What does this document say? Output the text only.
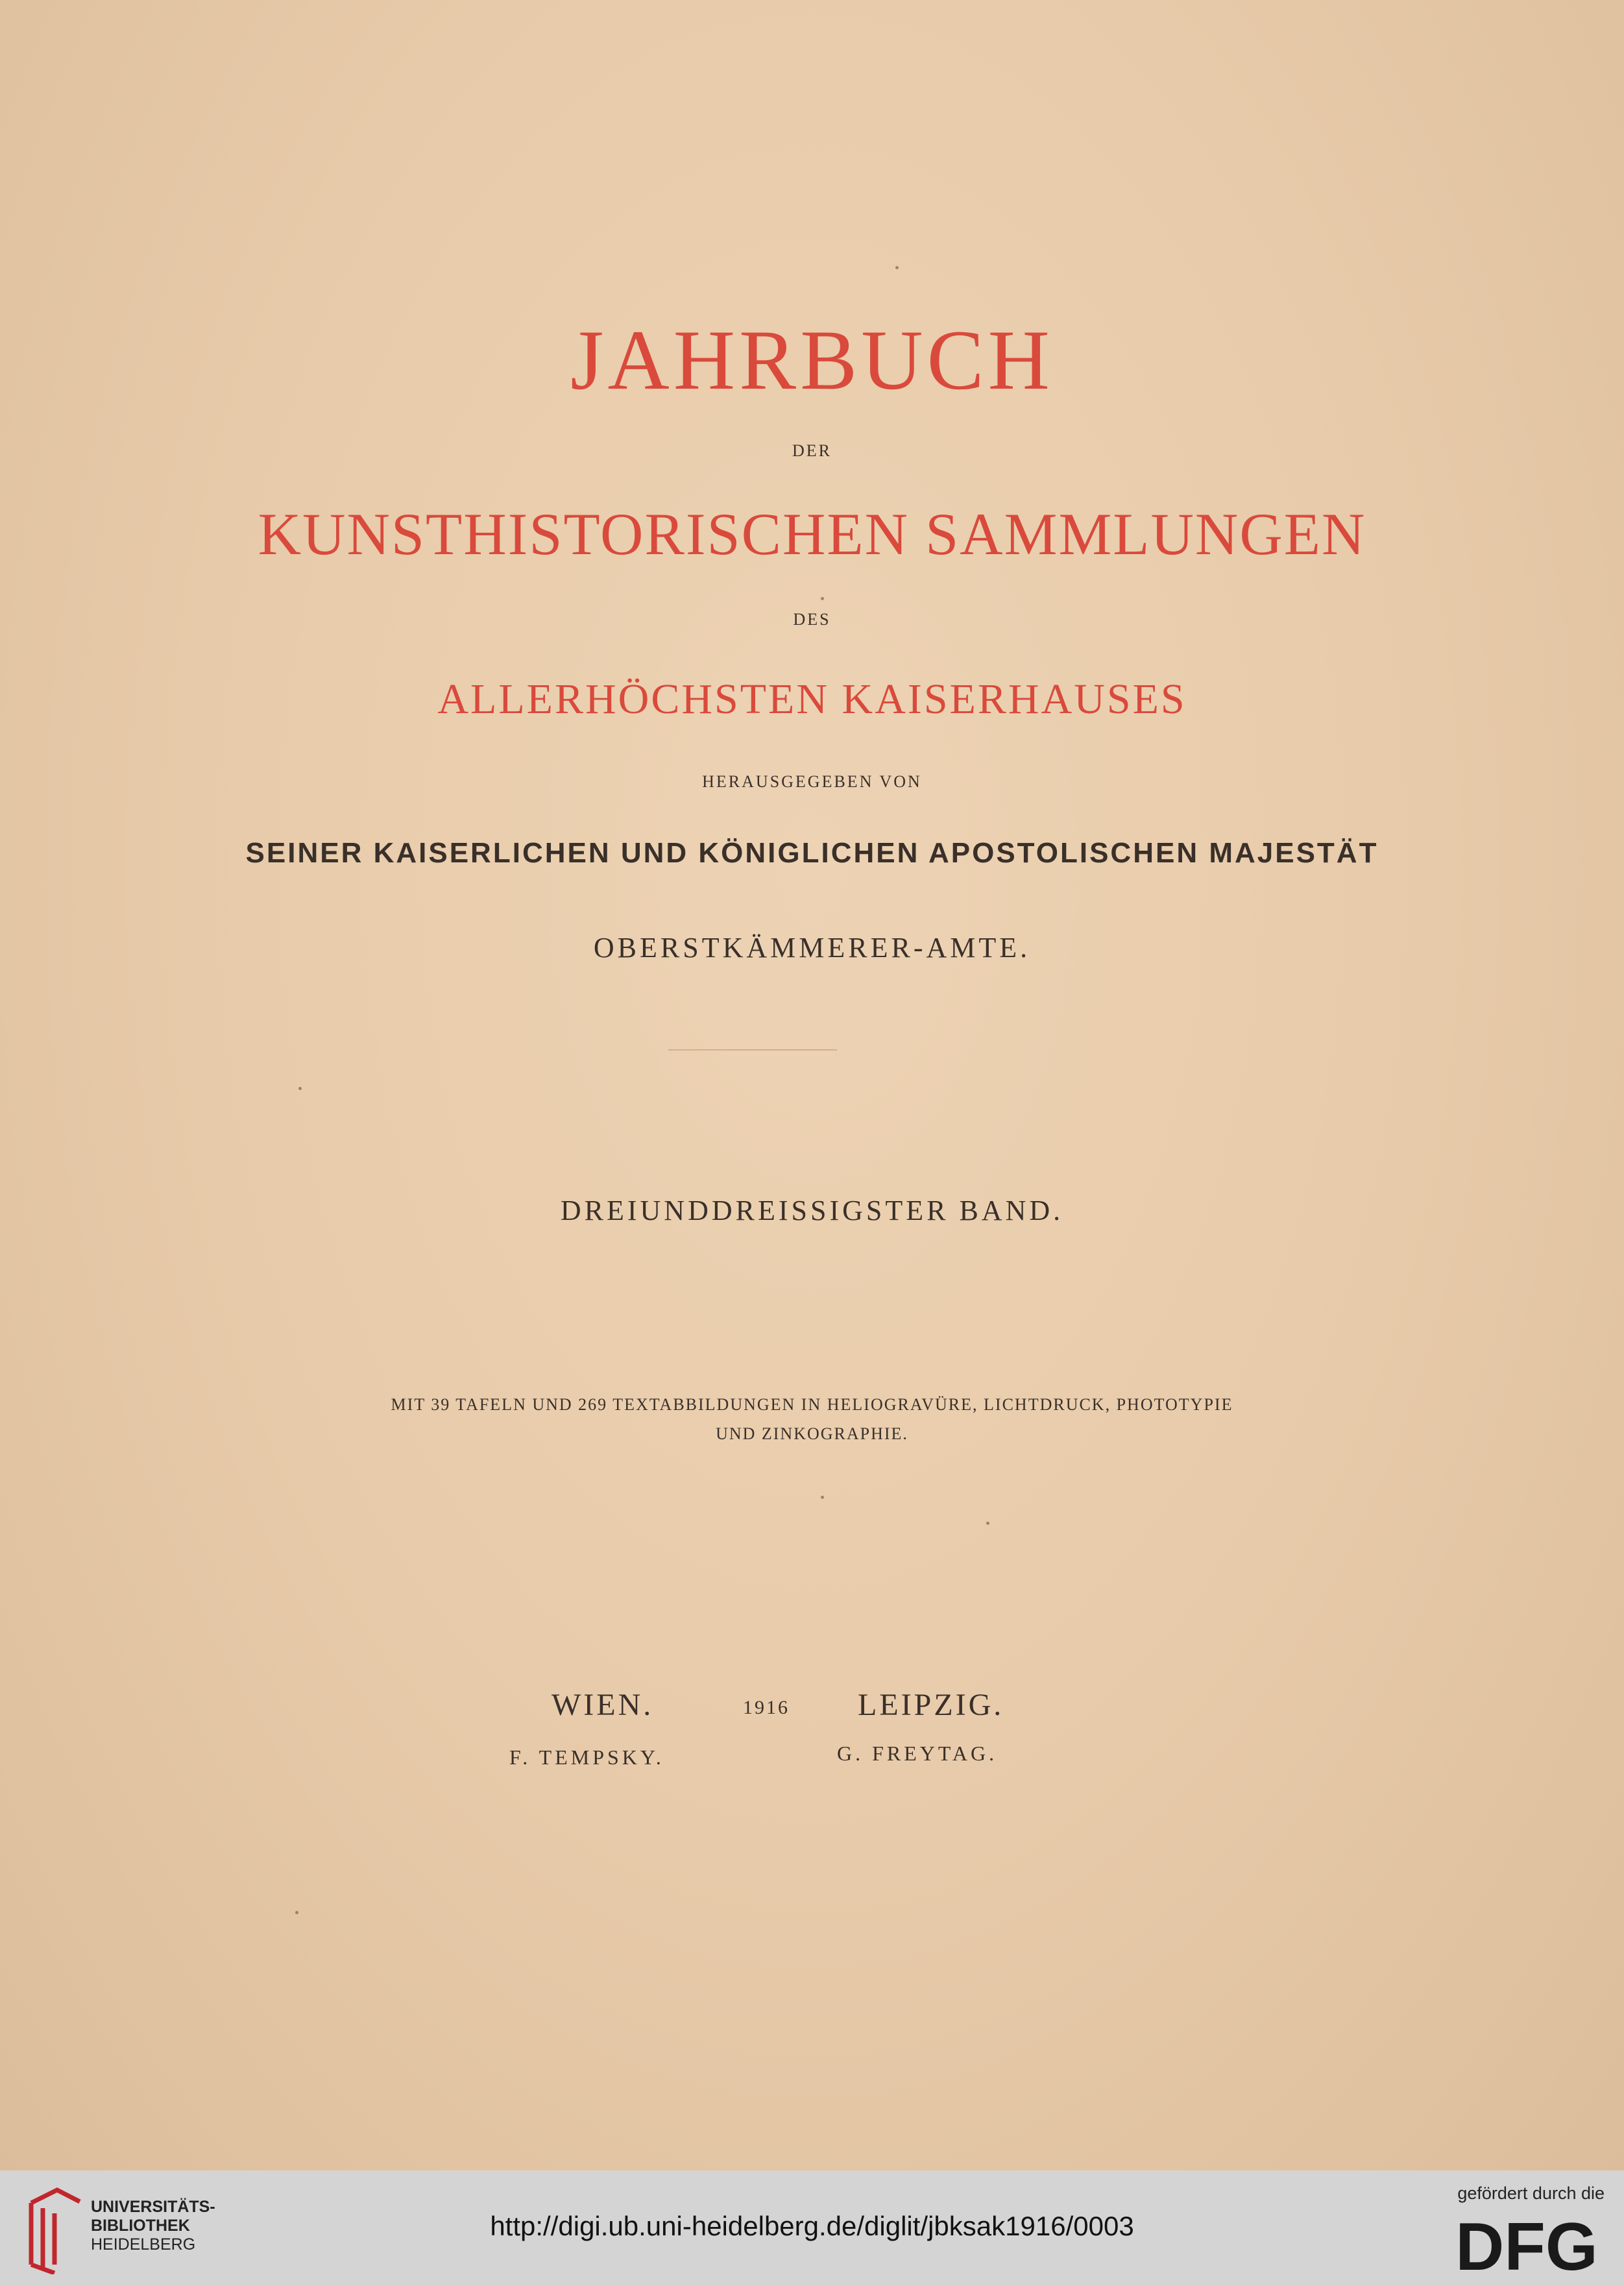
JAHRBUCH
DER
KUNSTHISTORISCHEN SAMMLUNGEN
DES
ALLERHÖCHSTEN KAISERHAUSES
HERAUSGEGEBEN VON
SEINER KAISERLICHEN UND KÖNIGLICHEN APOSTOLISCHEN MAJESTÄT
OBERSTKÄMMERER-AMTE.
DREIUNDDREISSIGSTER BAND.
MIT 39 TAFELN UND 269 TEXTABBILDUNGEN IN HELIOGRAVÜRE, LICHTDRUCK, PHOTOTYPIE
UND ZINKOGRAPHIE.
WIEN.	1916 LEIPZIG.
F. TEMPSKY.	G. FREYTAG.
UNIVERSITÄTS-
BIBLIOTHEK
HEIDELBERG
http://digi.ub.uni-heidelberg.de/diglit/jbksak1916/0003
gefördert durch die
DFG
